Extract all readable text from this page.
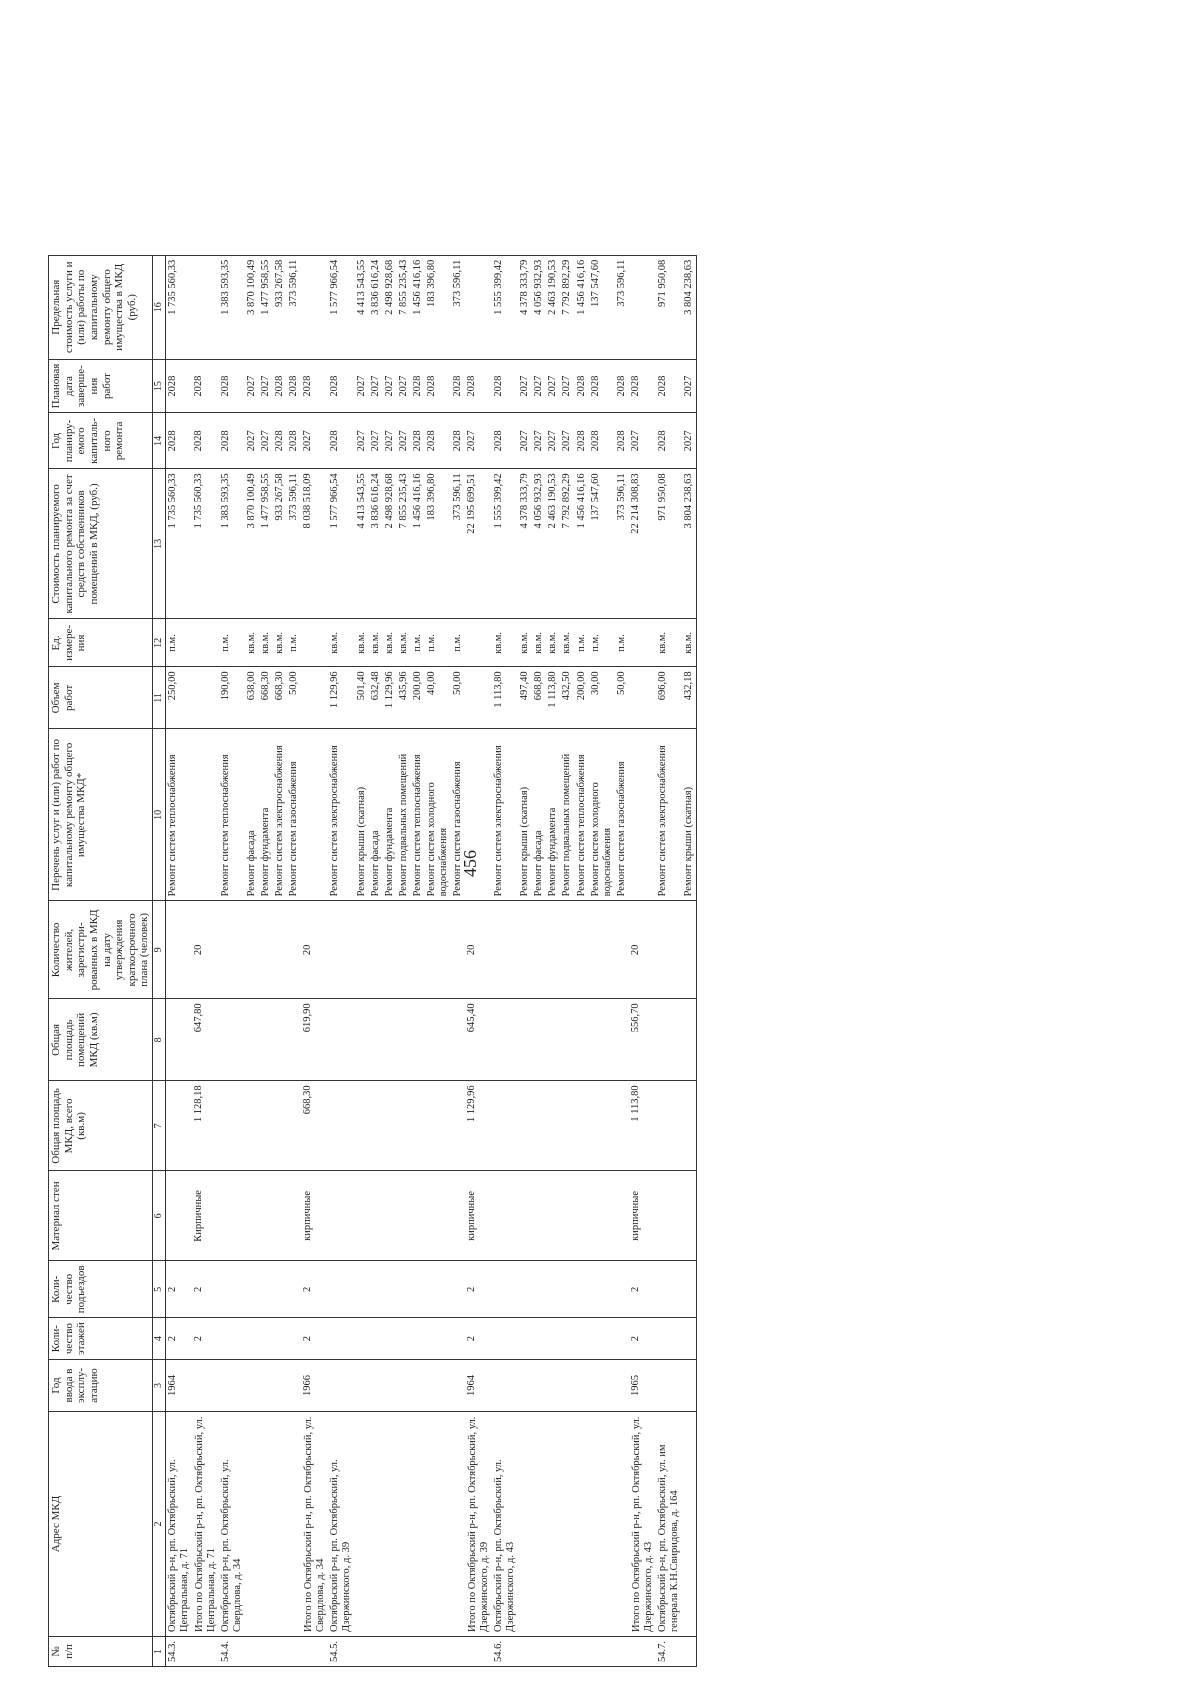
456
№ п/п	Адрес МКД	Год ввода в эксплу-атацию	Коли-чество этажей	Коли-чество подъездов	Материал стен	Общая площадь МКД, всего (кв.м)	Общая площадь помещений МКД (кв.м)	Количество жителей, зарегистри-рованных в МКД на дату утверждения краткосрочного плана (человек)	Перечень услуг и (или) работ по капитальному ремонту общего имущества МКД*	Объем работ	Ед. измере-ния	Стоимость планируемого капитального ремонта за счет средств собственников помещений в МКД, (руб.)	Год планиру-емого капиталь-ного ремонта	Плановая дата заверше-ния работ	Предельная стоимость услуги и (или) работы по капитальному ремонту общего имущества в МКД (руб.)
1	2	3	4	5	6	7	8	9	10	11	12	13	14	15	16
54.3.	Октябрьский р-н, рп. Октябрьский, ул. Центральная, д. 71	1964	2	2					Ремонт систем теплоснабжения	250,00	п.м.	1 735 560,33	2028	2028	1 735 560,33
	Итого по Октябрьский р-н, рп. Октябрьский, ул. Центральная, д. 71		2	2	Кирпичные	1 128,18	647,80	20				1 735 560,33	2028	2028	
54.4.	Октябрьский р-н, рп. Октябрьский, ул. Свердлова, д. 34								Ремонт систем теплоснабжения	190,00	п.м.	1 383 593,35	2028	2028	1 383 593,35
									Ремонт фасада	638,00	кв.м.	3 870 100,49	2027	2027	3 870 100,49
									Ремонт фундамента	668,30	кв.м.	1 477 958,55	2027	2027	1 477 958,55
									Ремонт систем электроснабжения	668,30	кв.м.	933 267,58	2028	2028	933 267,58
									Ремонт систем газоснабжения	50,00	п.м.	373 596,11	2028	2028	373 596,11
	Итого по Октябрьский р-н, рп. Октябрьский, ул. Свердлова, д. 34	1966	2	2	кирпичные	668,30	619,90	20				8 038 518,09	2027	2028	
54.5.	Октябрьский р-н, рп. Октябрьский, ул. Дзержинского, д. 39								Ремонт систем электроснабжения	1 129,96	кв.м.	1 577 966,54	2028	2028	1 577 966,54
									Ремонт крыши (скатная)	501,40	кв.м.	4 413 543,55	2027	2027	4 413 543,55
									Ремонт фасада	632,48	кв.м.	3 836 616,24	2027	2027	3 836 616,24
									Ремонт фундамента	1 129,96	кв.м.	2 498 928,68	2027	2027	2 498 928,68
									Ремонт подвальных помещений	435,96	кв.м.	7 855 235,43	2027	2027	7 855 235,43
									Ремонт систем теплоснабжения	200,00	п.м.	1 456 416,16	2028	2028	1 456 416,16
									Ремонт систем холодного водоснабжения	40,00	п.м.	183 396,80	2028	2028	183 396,80
									Ремонт систем газоснабжения	50,00	п.м.	373 596,11	2028	2028	373 596,11
	Итого по Октябрьский р-н, рп. Октябрьский, ул. Дзержинского, д. 39	1964	2	2	кирпичные	1 129,96	645,40	20				22 195 699,51	2027	2028	
54.6.	Октябрьский р-н, рп. Октябрьский, ул. Дзержинского, д. 43								Ремонт систем электроснабжения	1 113,80	кв.м.	1 555 399,42	2028	2028	1 555 399,42
									Ремонт крыши (скатная)	497,40	кв.м.	4 378 333,79	2027	2027	4 378 333,79
									Ремонт фасада	668,80	кв.м.	4 056 932,93	2027	2027	4 056 932,93
									Ремонт фундамента	1 113,80	кв.м.	2 463 190,53	2027	2027	2 463 190,53
									Ремонт подвальных помещений	432,50	кв.м.	7 792 892,29	2027	2027	7 792 892,29
									Ремонт систем теплоснабжения	200,00	п.м.	1 456 416,16	2028	2028	1 456 416,16
									Ремонт систем холодного водоснабжения	30,00	п.м.	137 547,60	2028	2028	137 547,60
									Ремонт систем газоснабжения	50,00	п.м.	373 596,11	2028	2028	373 596,11
	Итого по Октябрьский р-н, рп. Октябрьский, ул. Дзержинского, д. 43	1965	2	2	кирпичные	1 113,80	556,70	20				22 214 308,83	2027	2028	
54.7.	Октябрьский р-н, рп. Октябрьский, ул. им генерала К.Н.Свиридова, д. 164								Ремонт систем электроснабжения	696,00	кв.м.	971 950,08	2028	2028	971 950,08
									Ремонт крыши (скатная)	432,18	кв.м.	3 804 238,63	2027	2027	3 804 238,63
